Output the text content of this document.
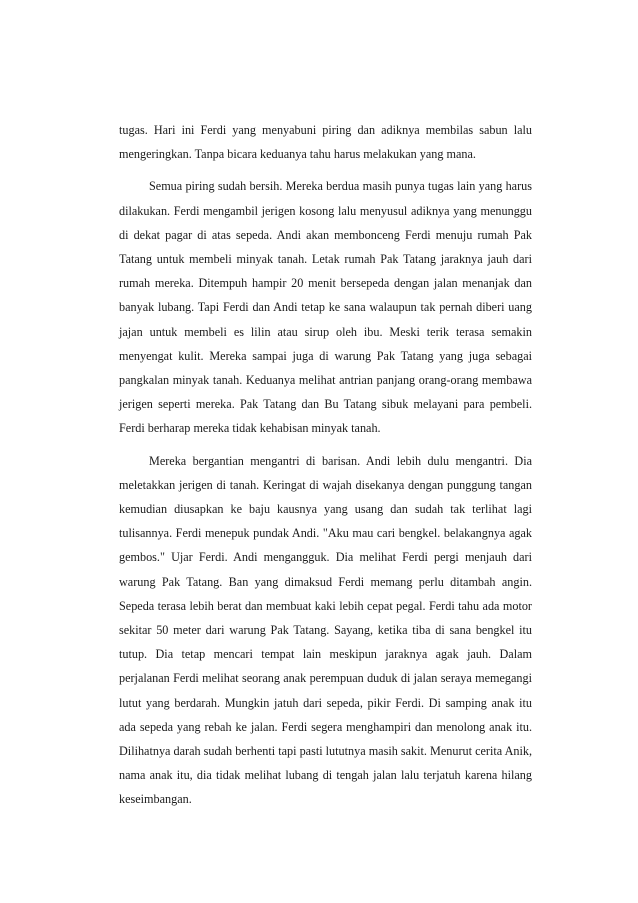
tugas. Hari ini Ferdi yang menyabuni piring dan adiknya membilas sabun lalu mengeringkan. Tanpa bicara keduanya tahu harus melakukan yang mana.

Semua piring sudah bersih. Mereka berdua masih punya tugas lain yang harus dilakukan. Ferdi mengambil jerigen kosong lalu menyusul adiknya yang menunggu di dekat pagar di atas sepeda. Andi akan membonceng Ferdi menuju rumah Pak Tatang untuk membeli minyak tanah. Letak rumah Pak Tatang jaraknya jauh dari rumah mereka. Ditempuh hampir 20 menit bersepeda dengan jalan menanjak dan banyak lubang. Tapi Ferdi dan Andi tetap ke sana walaupun tak pernah diberi uang jajan untuk membeli es lilin atau sirup oleh ibu. Meski terik terasa semakin menyengat kulit. Mereka sampai juga di warung Pak Tatang yang juga sebagai pangkalan minyak tanah. Keduanya melihat antrian panjang orang-orang membawa jerigen seperti mereka. Pak Tatang dan Bu Tatang sibuk melayani para pembeli. Ferdi berharap mereka tidak kehabisan minyak tanah.

Mereka bergantian mengantri di barisan. Andi lebih dulu mengantri. Dia meletakkan jerigen di tanah. Keringat di wajah disekanya dengan punggung tangan kemudian diusapkan ke baju kausnya yang usang dan sudah tak terlihat lagi tulisannya. Ferdi menepuk pundak Andi. "Aku mau cari bengkel. belakangnya agak gembos." Ujar Ferdi. Andi mengangguk. Dia melihat Ferdi pergi menjauh dari warung Pak Tatang. Ban yang dimaksud Ferdi memang perlu ditambah angin. Sepeda terasa lebih berat dan membuat kaki lebih cepat pegal. Ferdi tahu ada motor sekitar 50 meter dari warung Pak Tatang. Sayang, ketika tiba di sana bengkel itu tutup. Dia tetap mencari tempat lain meskipun jaraknya agak jauh. Dalam perjalanan Ferdi melihat seorang anak perempuan duduk di jalan seraya memegangi lutut yang berdarah. Mungkin jatuh dari sepeda, pikir Ferdi. Di samping anak itu ada sepeda yang rebah ke jalan. Ferdi segera menghampiri dan menolong anak itu. Dilihatnya darah sudah berhenti tapi pasti lututnya masih sakit. Menurut cerita Anik, nama anak itu, dia tidak melihat lubang di tengah jalan lalu terjatuh karena hilang keseimbangan.
